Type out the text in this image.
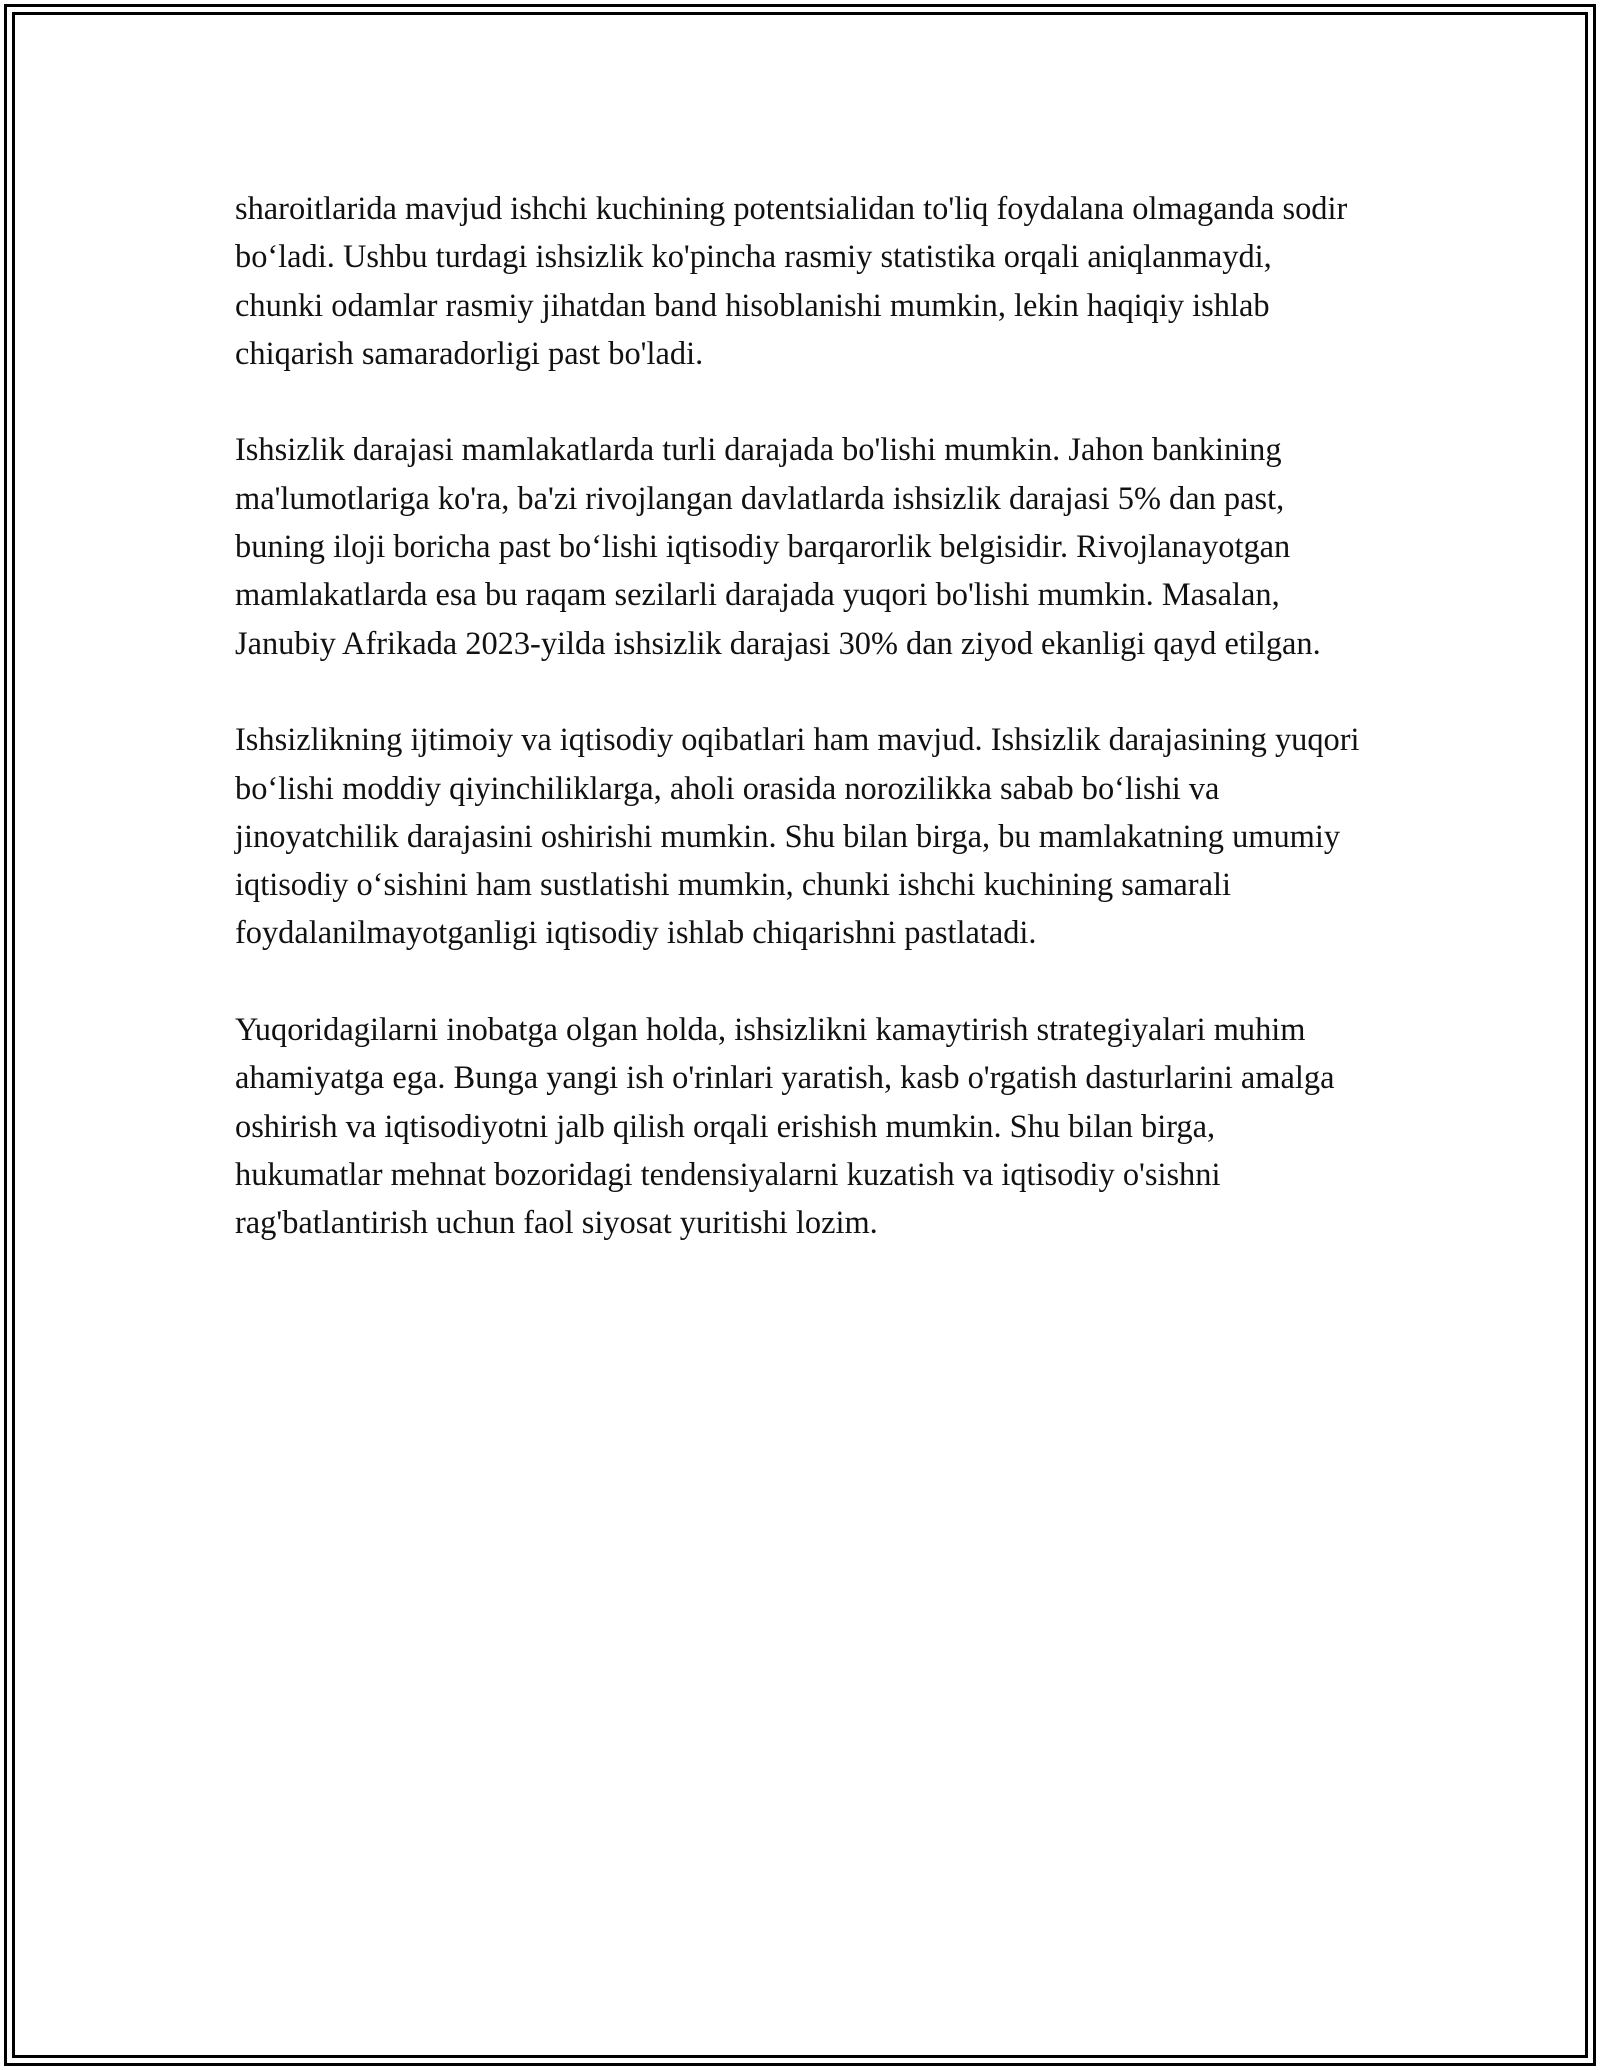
sharoitlarida mavjud ishchi kuchining potentsialidan to'liq foydalana olmaganda sodir bo‘ladi. Ushbu turdagi ishsizlik ko'pincha rasmiy statistika orqali aniqlanmaydi, chunki odamlar rasmiy jihatdan band hisoblanishi mumkin, lekin haqiqiy ishlab chiqarish samaradorligi past bo'ladi.

Ishsizlik darajasi mamlakatlarda turli darajada bo'lishi mumkin. Jahon bankining ma'lumotlariga ko'ra, ba'zi rivojlangan davlatlarda ishsizlik darajasi 5% dan past, buning iloji boricha past bo‘lishi iqtisodiy barqarorlik belgisidir. Rivojlanayotgan mamlakatlarda esa bu raqam sezilarli darajada yuqori bo'lishi mumkin. Masalan, Janubiy Afrikada 2023-yilda ishsizlik darajasi 30% dan ziyod ekanligi qayd etilgan.

Ishsizlikning ijtimoiy va iqtisodiy oqibatlari ham mavjud. Ishsizlik darajasining yuqori bo‘lishi moddiy qiyinchiliklarga, aholi orasida norozilikka sabab bo‘lishi va jinoyatchilik darajasini oshirishi mumkin. Shu bilan birga, bu mamlakatning umumiy iqtisodiy o‘sishini ham sustlatishi mumkin, chunki ishchi kuchining samarali foydalanilmayotganligi iqtisodiy ishlab chiqarishni pastlatadi.

Yuqoridagilarni inobatga olgan holda, ishsizlikni kamaytirish strategiyalari muhim ahamiyatga ega. Bunga yangi ish o'rinlari yaratish, kasb o'rgatish dasturlarini amalga oshirish va iqtisodiyotni jalb qilish orqali erishish mumkin. Shu bilan birga, hukumatlar mehnat bozoridagi tendensiyalarni kuzatish va iqtisodiy o'sishni rag'batlantirish uchun faol siyosat yuritishi lozim.
